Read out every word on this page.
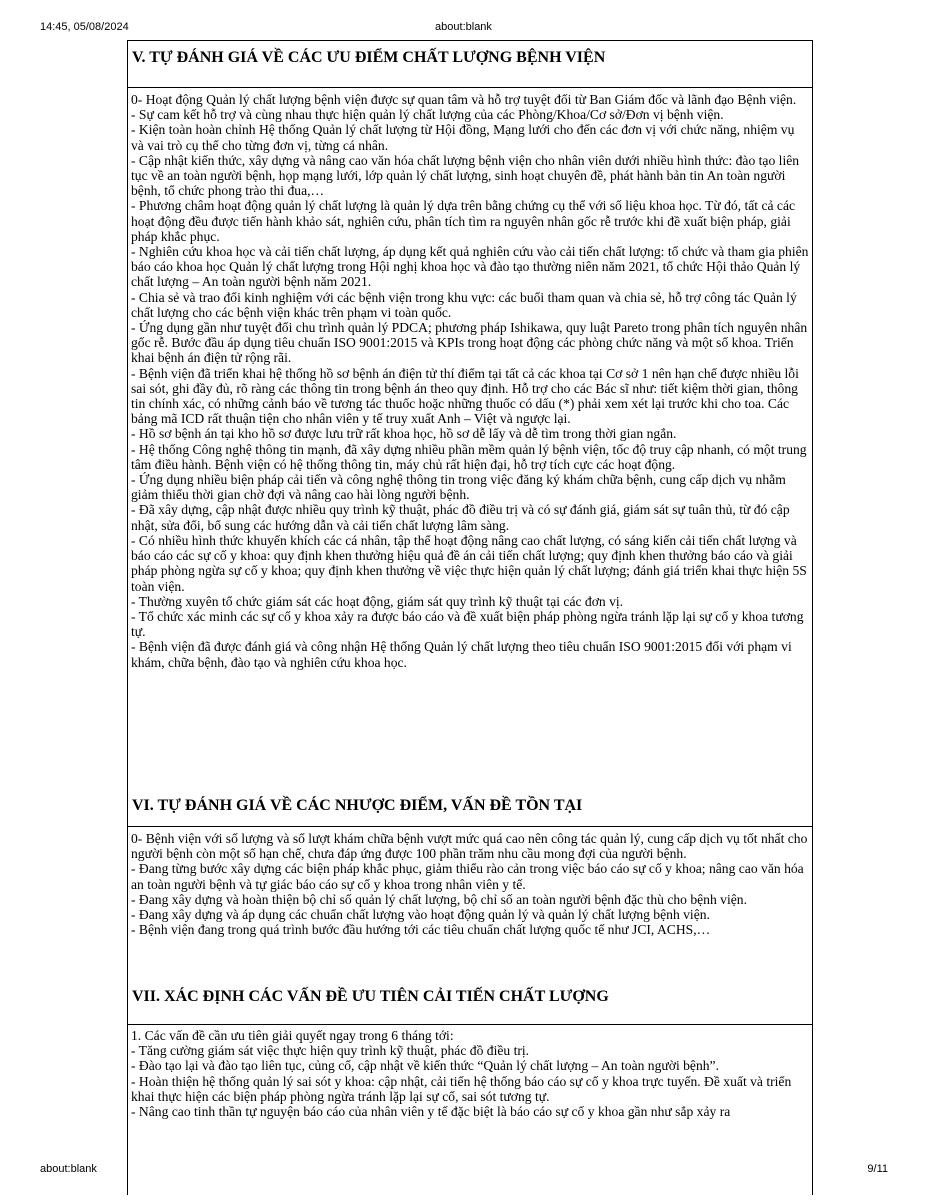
14:45, 05/08/2024	about:blank
V. TỰ ĐÁNH GIÁ VỀ CÁC ƯU ĐIỂM CHẤT LƯỢNG BỆNH VIỆN

0- Hoạt động Quản lý chất lượng bệnh viện được sự quan tâm và hỗ trợ tuyệt đối từ Ban Giám đốc và lãnh đạo Bệnh viện.

- Sự cam kết hỗ trợ và cùng nhau thực hiện quản lý chất lượng của các Phòng/Khoa/Cơ sở/Đơn vị bệnh viện.

- Kiện toàn hoàn chỉnh Hệ thống Quản lý chất lượng từ Hội đồng, Mạng lưới cho đến các đơn vị với chức năng, nhiệm vụ và vai trò cụ thể cho từng đơn vị, từng cá nhân.

- Cập nhật kiến thức, xây dựng và nâng cao văn hóa chất lượng bệnh viện cho nhân viên dưới nhiều hình thức: đào tạo liên tục về an toàn người bệnh, họp mạng lưới, lớp quản lý chất lượng, sinh hoạt chuyên đề, phát hành bản tin An toàn người bệnh, tổ chức phong trào thi đua,…

- Phương châm hoạt động quản lý chất lượng là quản lý dựa trên bằng chứng cụ thể với số liệu khoa học. Từ đó, tất cả các hoạt động đều được tiến hành khảo sát, nghiên cứu, phân tích tìm ra nguyên nhân gốc rễ trước khi đề xuất biện pháp, giải pháp khắc phục.

- Nghiên cứu khoa học và cải tiến chất lượng, áp dụng kết quả nghiên cứu vào cải tiến chất lượng: tổ chức và tham gia phiên báo cáo khoa học Quản lý chất lượng trong Hội nghị khoa học và đào tạo thường niên năm 2021, tổ chức Hội thảo Quản lý chất lượng – An toàn người bệnh năm 2021.

- Chia sẻ và trao đổi kinh nghiệm với các bệnh viện trong khu vực: các buổi tham quan và chia sẻ, hỗ trợ công tác Quản lý chất lượng cho các bệnh viện khác trên phạm vi toàn quốc.

- Ứng dụng gần như tuyệt đối chu trình quản lý PDCA; phương pháp Ishikawa, quy luật Pareto trong phân tích nguyên nhân gốc rễ. Bước đầu áp dụng tiêu chuẩn ISO 9001:2015 và KPIs trong hoạt động các phòng chức năng và một số khoa. Triển khai bệnh án điện tử rộng rãi.

- Bệnh viện đã triển khai hệ thống hồ sơ bệnh án điện tử thí điểm tại tất cả các khoa tại Cơ sở 1 nên hạn chế được nhiều lỗi sai sót, ghi đầy đủ, rõ ràng các thông tin trong bệnh án theo quy định. Hỗ trợ cho các Bác sĩ như: tiết kiệm thời gian, thông tin chính xác, có những cảnh báo về tương tác thuốc hoặc những thuốc có dấu (*) phải xem xét lại trước khi cho toa. Các bảng mã ICD rất thuận tiện cho nhân viên y tế truy xuất Anh – Việt và ngược lại.

- Hồ sơ bệnh án tại kho hồ sơ được lưu trữ rất khoa học, hồ sơ dễ lấy và dễ tìm trong thời gian ngắn.

- Hệ thống Công nghệ thông tin mạnh, đã xây dựng nhiều phần mềm quản lý bệnh viện, tốc độ truy cập nhanh, có một trung tâm điều hành. Bệnh viện có hệ thống thông tin, máy chủ rất hiện đại, hỗ trợ tích cực các hoạt động.

- Ứng dụng nhiều biện pháp cải tiến và công nghệ thông tin trong việc đăng ký khám chữa bệnh, cung cấp dịch vụ nhằm giảm thiểu thời gian chờ đợi và nâng cao hài lòng người bệnh.

- Đã xây dựng, cập nhật được nhiều quy trình kỹ thuật, phác đồ điều trị và có sự đánh giá, giám sát sự tuân thủ, từ đó cập nhật, sửa đổi, bổ sung các hướng dẫn và cải tiến chất lượng lâm sàng.

- Có nhiều hình thức khuyến khích các cá nhân, tập thể hoạt động nâng cao chất lượng, có sáng kiến cải tiến chất lượng và báo cáo các sự cố y khoa: quy định khen thưởng hiệu quả đề án cải tiến chất lượng; quy định khen thưởng báo cáo và giải pháp phòng ngừa sự cố y khoa; quy định khen thưởng về việc thực hiện quản lý chất lượng; đánh giá triển khai thực hiện 5S toàn viện.

- Thường xuyên tổ chức giám sát các hoạt động, giám sát quy trình kỹ thuật tại các đơn vị.

- Tổ chức xác minh các sự cố y khoa xảy ra được báo cáo và đề xuất biện pháp phòng ngừa tránh lặp lại sự cố y khoa tương tự.

- Bệnh viện đã được đánh giá và công nhận Hệ thống Quản lý chất lượng theo tiêu chuẩn ISO 9001:2015 đối với phạm vi khám, chữa bệnh, đào tạo và nghiên cứu khoa học.

VI. TỰ ĐÁNH GIÁ VỀ CÁC NHƯỢC ĐIỂM, VẤN ĐỀ TỒN TẠI

0- Bệnh viện với số lượng và số lượt khám chữa bệnh vượt mức quá cao nên công tác quản lý, cung cấp dịch vụ tốt nhất cho người bệnh còn một số hạn chế, chưa đáp ứng được 100 phần trăm nhu cầu mong đợi của người bệnh.

- Đang từng bước xây dựng các biện pháp khắc phục, giảm thiểu rào cản trong việc báo cáo sự cố y khoa; nâng cao văn hóa an toàn người bệnh và tự giác báo cáo sự cố y khoa trong nhân viên y tế.

- Đang xây dựng và hoàn thiện bộ chỉ số quản lý chất lượng, bộ chỉ số an toàn người bệnh đặc thù cho bệnh viện.

- Đang xây dựng và áp dụng các chuẩn chất lượng vào hoạt động quản lý và quản lý chất lượng bệnh viện.

- Bệnh viện đang trong quá trình bước đầu hướng tới các tiêu chuẩn chất lượng quốc tế như JCI, ACHS,…

VII. XÁC ĐỊNH CÁC VẤN ĐỀ ƯU TIÊN CẢI TIẾN CHẤT LƯỢNG

1. Các vấn đề cần ưu tiên giải quyết ngay trong 6 tháng tới:

- Tăng cường giám sát việc thực hiện quy trình kỹ thuật, phác đồ điều trị.

- Đào tạo lại và đào tạo liên tục, củng cố, cập nhật về kiến thức “Quản lý chất lượng – An toàn người bệnh”.

- Hoàn thiện hệ thống quản lý sai sót y khoa: cập nhật, cải tiến hệ thống báo cáo sự cố y khoa trực tuyến. Đề xuất và triển khai thực hiện các biện pháp phòng ngừa tránh lặp lại sự cố, sai sót tương tự.

- Nâng cao tinh thần tự nguyện báo cáo của nhân viên y tế đặc biệt là báo cáo sự cố y khoa gần như sắp xảy ra

about:blank	9/11
